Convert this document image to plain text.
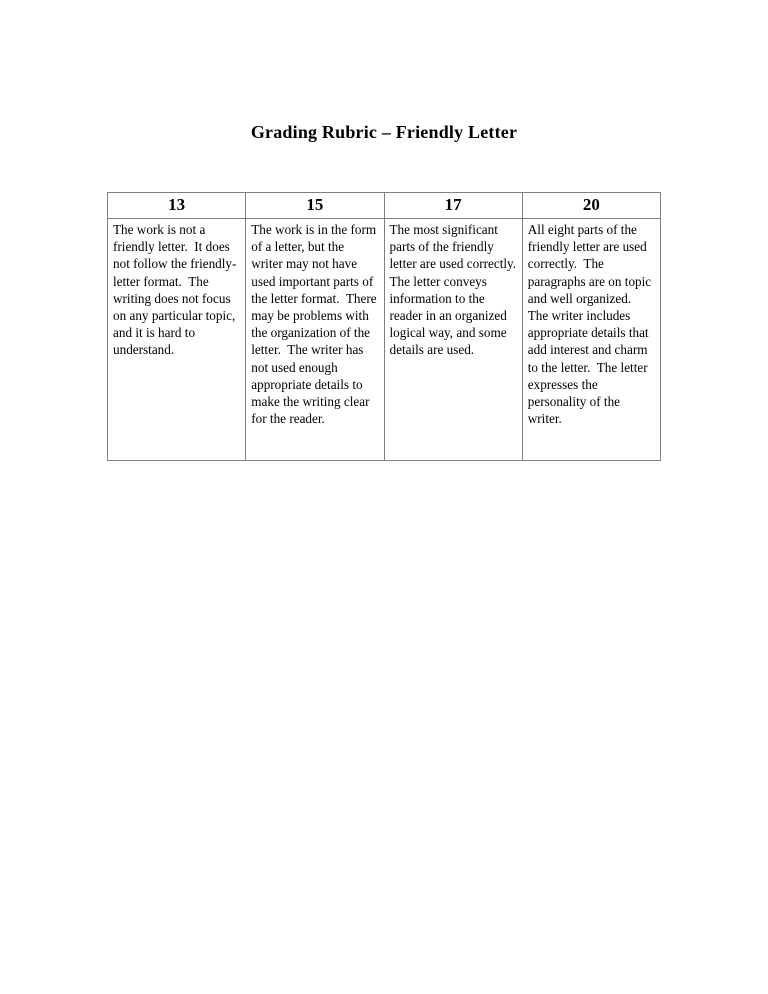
Grading Rubric – Friendly Letter
13	15	17	20
The work is not a friendly letter.  It does not follow the friendly-letter format.  The writing does not focus on any particular topic, and it is hard to understand.	The work is in the form of a letter, but the writer may not have used important parts of the letter format.  There may be problems with the organization of the letter.  The writer has not used enough appropriate details to make the writing clear for the reader.	The most significant parts of the friendly letter are used correctly.  The letter conveys information to the reader in an organized logical way, and some details are used.	All eight parts of the friendly letter are used correctly.  The paragraphs are on topic and well organized.  The writer includes appropriate details that add interest and charm to the letter.  The letter expresses the personality of the writer.
